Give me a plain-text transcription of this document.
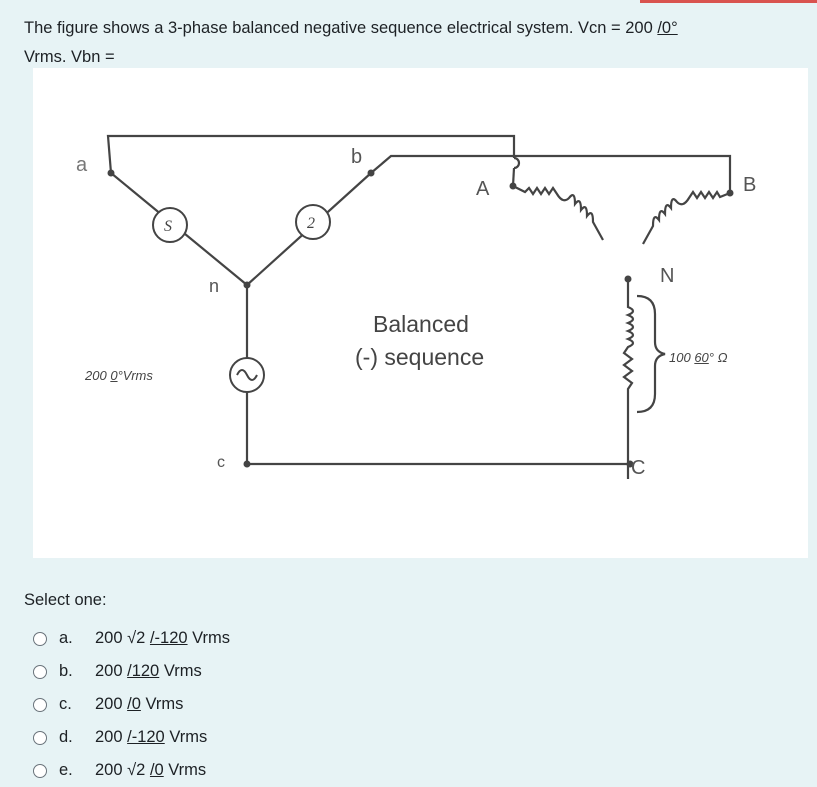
The figure shows a 3-phase balanced negative sequence electrical system. Vcn = 200 /0°
Vrms. Vbn =
S	2
a	b
n
c
A	B
N
C
Balanced
(-) sequence
200 0°Vrms
100 60° Ω
Select one:
a.	200 √2 /-120 Vrms
b.	200 /120 Vrms
c.	200 /0 Vrms
d.	200 /-120 Vrms
e.	200 √2 /0 Vrms
